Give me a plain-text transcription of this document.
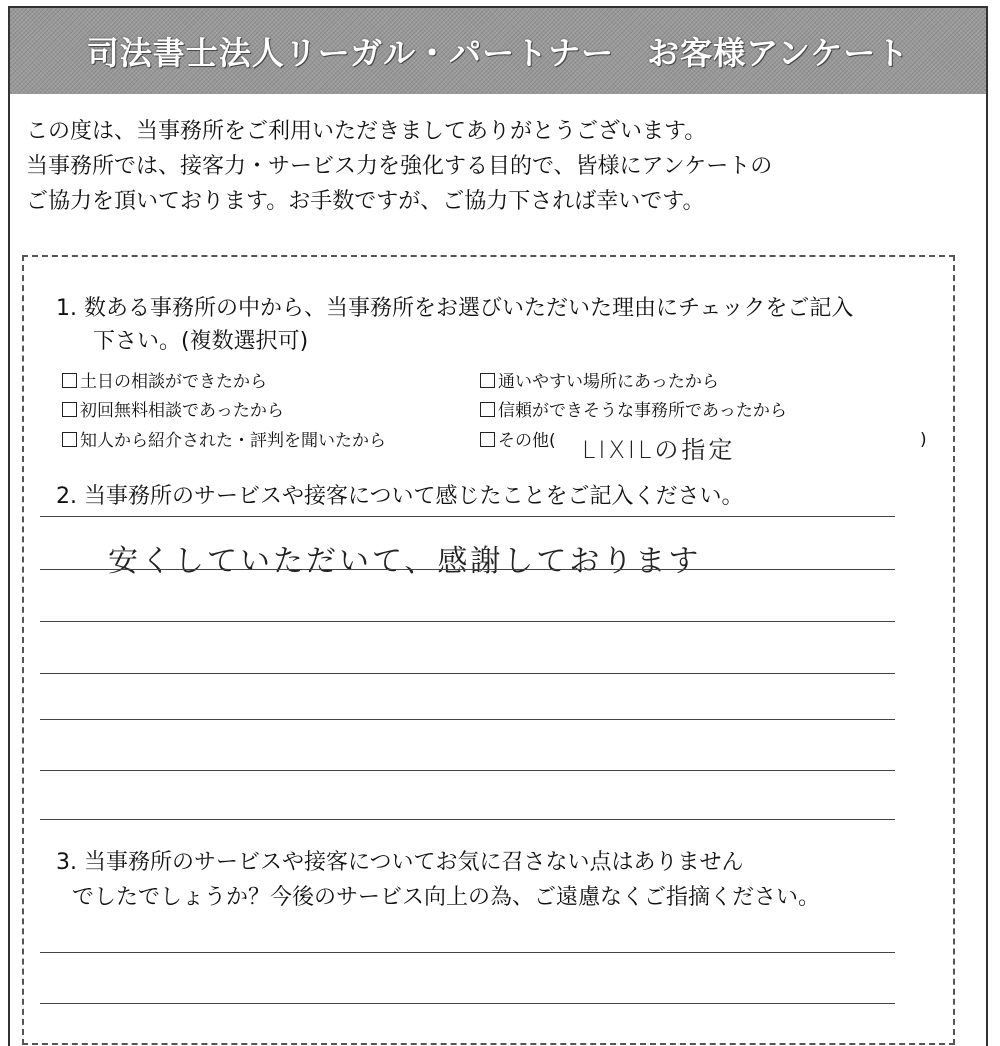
司法書士法人リーガル・パートナー　お客様アンケート
この度は、当事務所をご利用いただきましてありがとうございます。
当事務所では、接客力・サービス力を強化する目的で、皆様にアンケートの
ご協力を頂いております。お手数ですが、ご協力下されば幸いです。
1. 数ある事務所の中から、当事務所をお選びいただいた理由にチェックをご記入
下さい。(複数選択可)
土日の相談ができたから	通いやすい場所にあったから
初回無料相談であったから	信頼ができそうな事務所であったから
知人から紹介された・評判を聞いたから	その他( LIXILの指定	)
2. 当事務所のサービスや接客について感じたことをご記入ください。
安くしていただいて、感謝しております
3. 当事務所のサービスや接客についてお気に召さない点はありません
でしたでしょうか？今後のサービス向上の為、ご遠慮なくご指摘ください。
